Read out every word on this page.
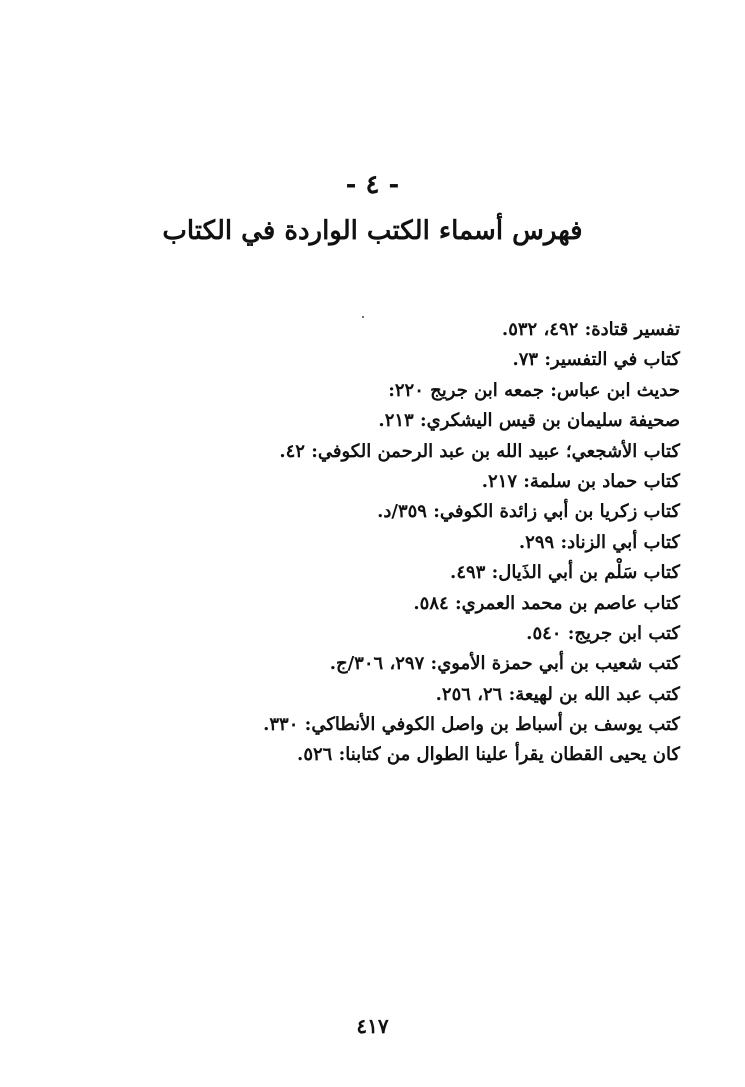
- ٤ -
فهرس أسماء الكتب الواردة في الكتاب
تفسير قتادة: ٤٩٢، ٥٣٢.
كتاب في التفسير: ٧٣.
حديث ابن عباس: جمعه ابن جريج ٢٢٠:
صحيفة سليمان بن قيس اليشكري: ٢١٣.
كتاب الأشجعي؛ عبيد الله بن عبد الرحمن الكوفي: ٤٢.
كتاب حماد بن سلمة: ٢١٧.
كتاب زكريا بن أبي زائدة الكوفي: ٣٥٩/د.
كتاب أبي الزناد: ٢٩٩.
كتاب سَلْم بن أبي الذَيال: ٤٩٣.
كتاب عاصم بن محمد العمري: ٥٨٤.
كتب ابن جريج: ٥٤٠.
كتب شعيب بن أبي حمزة الأموي: ٢٩٧، ٣٠٦/ج.
كتب عبد الله بن لهيعة: ٢٦، ٢٥٦.
كتب يوسف بن أسباط بن واصل الكوفي الأنطاكي: ٣٣٠.
كان يحيى القطان يقرأ علينا الطوال من كتابنا: ٥٢٦.
٤١٧
